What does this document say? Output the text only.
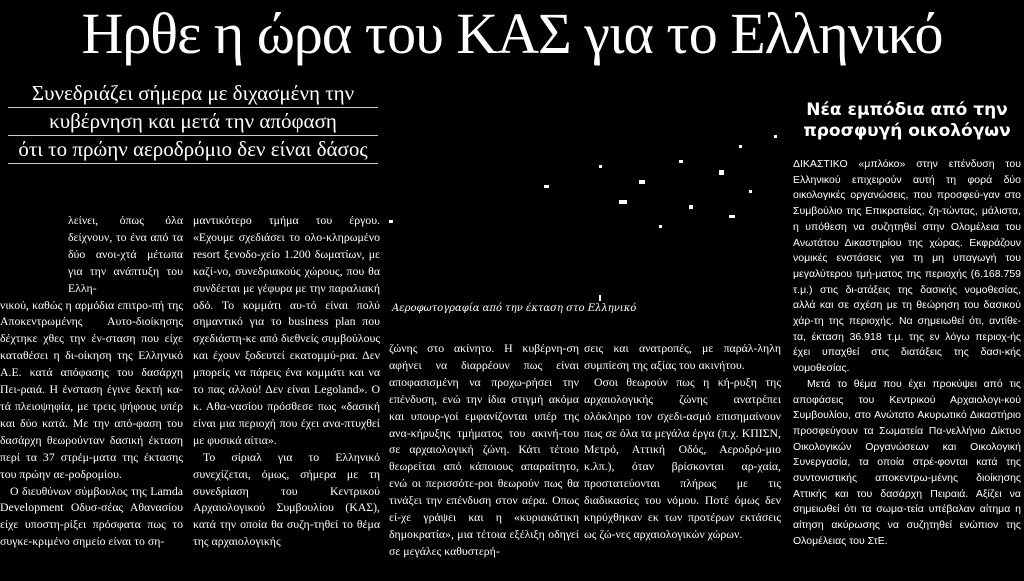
Ηρθε η ώρα του ΚΑΣ για το Ελληνικό
Συνεδριάζει σήμερα με διχασμένη την
κυβέρνηση και μετά την απόφαση
ότι το πρώην αεροδρόμιο δεν είναι δάσος
Αεροφωτογραφία από την έκταση στο Ελληνικό
λείνει, όπως όλα δείχνουν, το ένα από τα δύο ανοι-χτά μέτωπα για την ανάπτυξη του Ελλη-

νικού, καθώς η αρμόδια επιτρο-πή της Αποκεντρωμένης Αυτο-διοίκησης δέχτηκε χθες την έν-σταση που είχε καταθέσει η δι-οίκηση της Ελληνικό Α.Ε. κατά απόφασης του δασάρχη Πει-ραιά. Η ένσταση έγινε δεκτή κα-τά πλειοψηφία, με τρεις ψήφους υπέρ και δύο κατά. Με την από-φαση του δασάρχη θεωρούνταν δασική έκταση περί τα 37 στρέμ-ματα της έκτασης του πρώην αε-ροδρομίου.

Ο διευθύνων σύμβουλος της Lamda Development Οδυσ-σέας Αθανασίου είχε υποστη-ρίξει πρόσφατα πως το συγκε-κριμένο σημείο είναι το ση-

μαντικότερο τμήμα του έργου. «Εχουμε σχεδιάσει το ολο-κληρωμένο resort ξενοδο-χείο 1.200 δωματίων, με καζί-νο, συνεδριακούς χώρους, που θα συνδέεται με γέφυρα με την παραλιακή οδό. Το κομμάτι αυ-τό είναι πολύ σημαντικό για το business plan που σχεδιάστη-κε από διεθνείς συμβούλους και έχουν ξοδευτεί εκατομμύ-ρια. Δεν μπορείς να πάρεις ένα κομμάτι και να το πας αλλού! Δεν είναι Legoland». Ο κ. Αθα-νασίου πρόσθεσε πως «δασική είναι μια περιοχή που έχει ανα-πτυχθεί με φυσικά αίτια».

Το σίριαλ για το Ελληνικό συνεχίζεται, όμως, σήμερα με τη συνεδρίαση του Κεντρικού Αρχαιολογικού Συμβουλίου (ΚΑΣ), κατά την οποία θα συζη-τηθεί το θέμα της αρχαιολογικής

ζώνης στο ακίνητο. Η κυβέρνη-ση αφήνει να διαρρέουν πως είναι αποφασισμένη να προχω-ρήσει την επένδυση, ενώ την ίδια στιγμή ακόμα και υπουρ-γοί εμφανίζονται υπέρ της ανα-κήρυξης τμήματος του ακινή-του σε αρχαιολογική ζώνη. Κάτι τέτοιο θεωρείται από κάποιους απαραίτητο, ενώ οι περισσότε-ροι θεωρούν πως θα τινάξει την επένδυση στον αέρα. Οπως εί-χε γράψει και η «κυριακάτικη δημοκρατία», μια τέτοια εξέλιξη οδηγεί σε μεγάλες καθυστερή-

σεις και ανατροπές, με παράλ-ληλη συμπίεση της αξίας του ακινήτου.

Οσοι θεωρούν πως η κή-ρυξη της αρχαιολογικής ζώνης ανατρέπει ολόκληρο τον σχεδι-ασμό επισημαίνουν πως σε όλα τα μεγάλα έργα (π.χ. ΚΠΙΣΝ, Μετρό, Αττική Οδός, Αεροδρό-μιο κ.λπ.), όταν βρίσκονται αρ-χαία, προστατεύονται πλήρως με τις διαδικασίες του νόμου. Ποτέ όμως δεν κηρύχθηκαν εκ των προτέρων εκτάσεις ως ζώ-νες αρχαιολογικών χώρων.

Νέα εμπόδια από την προσφυγή οικολόγων

ΔΙΚΑΣΤΙΚΟ «μπλόκο» στην επένδυση του Ελληνικού επιχειρούν αυτή τη φορά δύο οικολογικές οργανώσεις, που προσφεύ-γαν στο Συμβούλιο της Επικρατείας, ζη-τώντας, μάλιστα, η υπόθεση να συζητηθεί στην Ολομέλεια του Ανωτάτου Δικαστηρίου της χώρας. Εκφράζουν νομικές ενστάσεις για τη μη υπαγωγή του μεγαλύτερου τμή-ματος της περιοχής (6.168.759 τ.μ.) στις δι-ατάξεις της δασικής νομοθεσίας, αλλά και σε σχέση με τη θεώρηση του δασικού χάρ-τη της περιοχής. Να σημειωθεί ότι, αντίθε-τα, έκταση 36.918 τ.μ. της εν λόγω περιοχ-ής έχει υπαχθεί στις διατάξεις της δασι-κής νομοθεσίας.

Μετά το θέμα που έχει προκύψει από τις αποφάσεις του Κεντρικού Αρχαιολογι-κού Συμβουλίου, στο Ανώτατο Ακυρωτικό Δικαστήριο προσφεύγουν τα Σωματεία Πα-νελλήνιο Δίκτυο Οικολογικών Οργανώσεων και Οικολογική Συνεργασία, τα οποία στρέ-φονται κατά της συντονιστικής αποκεντρω-μένης διοίκησης Αττικής και του δασάρχη Πειραιά. Αξίζει να σημειωθεί ότι τα σωμα-τεία υπέβαλαν αίτημα η αίτηση ακύρωσης να συζητηθεί ενώπιον της Ολομέλειας του ΣτΕ.
